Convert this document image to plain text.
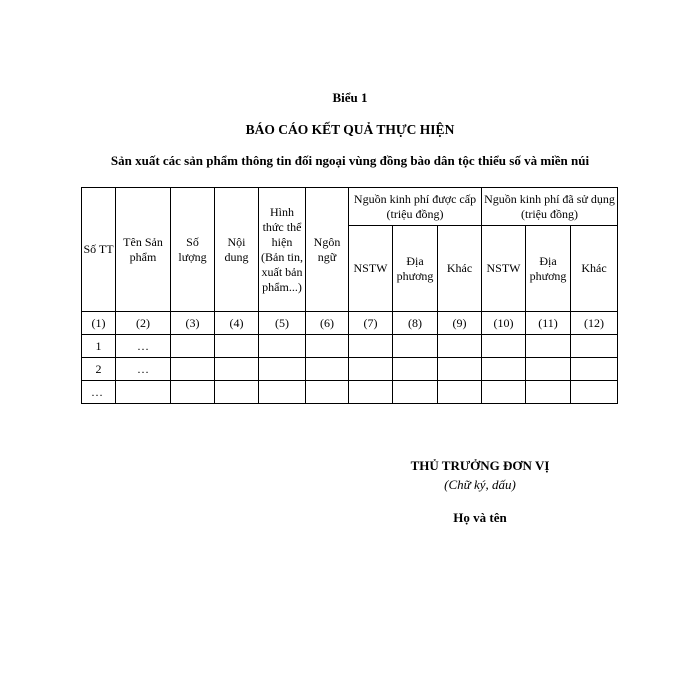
Biểu 1
BÁO CÁO KẾT QUẢ THỰC HIỆN
Sản xuất các sản phẩm thông tin đối ngoại vùng đồng bào dân tộc thiểu số và miền núi
Số TT	Tên Sản phẩm	Số lượng	Nội dung	Hình thức thể hiện (Bản tin, xuất bản phẩm...)	Ngôn ngữ	Nguồn kinh phí được cấp (triệu đồng)			Nguồn kinh phí đã sử dụng (triệu đồng)		
						NSTW	Địa phương	Khác	NSTW	Địa phương	Khác
(1)	(2)	(3)	(4)	(5)	(6)	(7)	(8)	(9)	(10)	(11)	(12)
1	…										
2	…										
…											
THỦ TRƯỞNG ĐƠN VỊ
(Chữ ký, dấu)
Họ và tên
